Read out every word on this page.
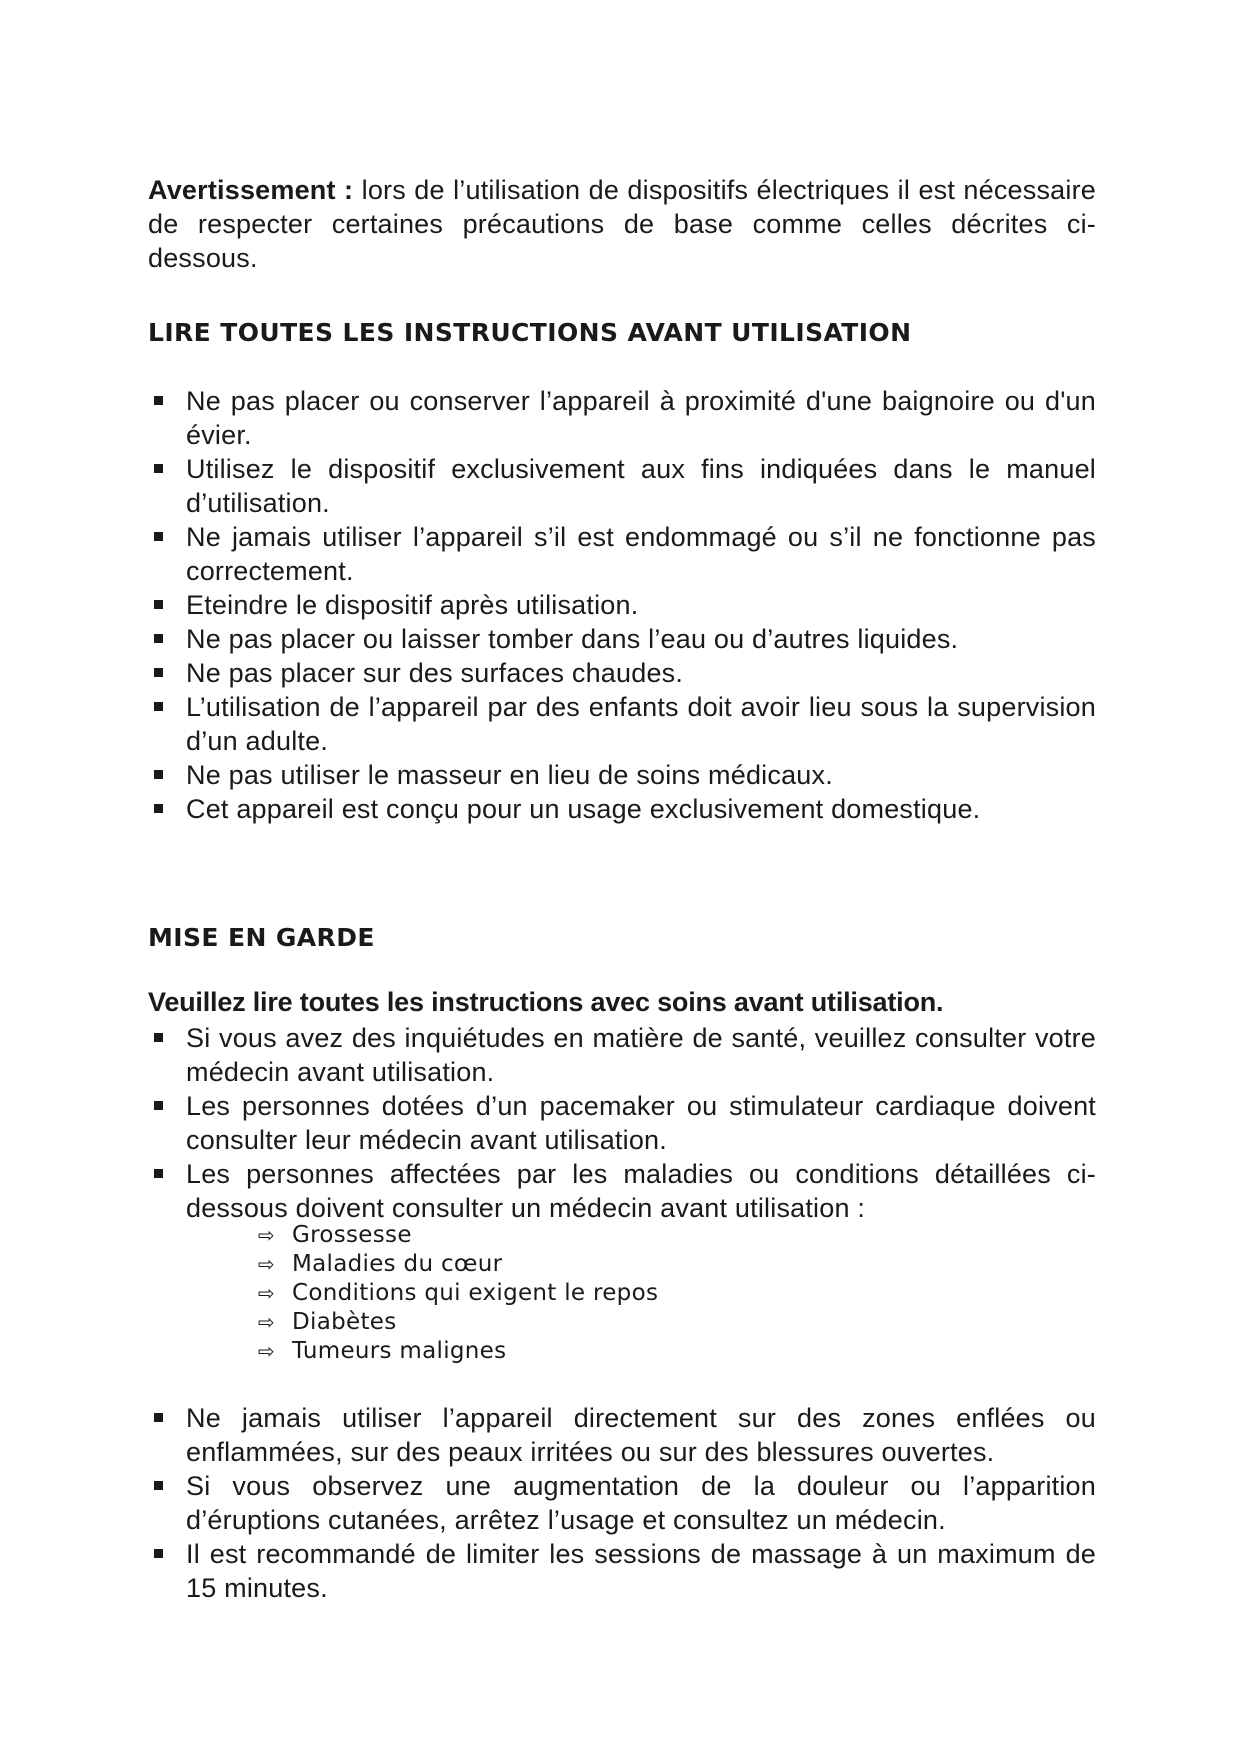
Avertissement : lors de l’utilisation de dispositifs électriques il est nécessaire de respecter certaines précautions de base comme celles décrites ci-dessous.

LIRE TOUTES LES INSTRUCTIONS AVANT UTILISATION
Ne pas placer ou conserver l’appareil à proximité d'une baignoire ou d'un évier.
Utilisez le dispositif exclusivement aux fins indiquées dans le manuel d’utilisation.
Ne jamais utiliser l’appareil s’il est endommagé ou s’il ne fonctionne pas correctement.
Eteindre le dispositif après utilisation.
Ne pas placer ou laisser tomber dans l’eau ou d’autres liquides.
Ne pas placer sur des surfaces chaudes.
L’utilisation de l’appareil par des enfants doit avoir lieu sous la supervision d’un adulte.
Ne pas utiliser le masseur en lieu de soins médicaux.
Cet appareil est conçu pour un usage exclusivement domestique.
MISE EN GARDE
Veuillez lire toutes les instructions avec soins avant utilisation.
Si vous avez des inquiétudes en matière de santé, veuillez consulter votre médecin avant utilisation.
Les personnes dotées d’un pacemaker ou stimulateur cardiaque doivent consulter leur médecin avant utilisation.
Les personnes affectées par les maladies ou conditions détaillées ci-dessous doivent consulter un médecin avant utilisation :
⇨ Grossesse
⇨ Maladies du cœur
⇨ Conditions qui exigent le repos
⇨ Diabètes
⇨ Tumeurs malignes
Ne jamais utiliser l’appareil directement sur des zones enflées ou enflammées, sur des peaux irritées ou sur des blessures ouvertes.
Si vous observez une augmentation de la douleur ou l’apparition d’éruptions cutanées, arrêtez l’usage et consultez un médecin.
Il est recommandé de limiter les sessions de massage à un maximum de 15 minutes.
